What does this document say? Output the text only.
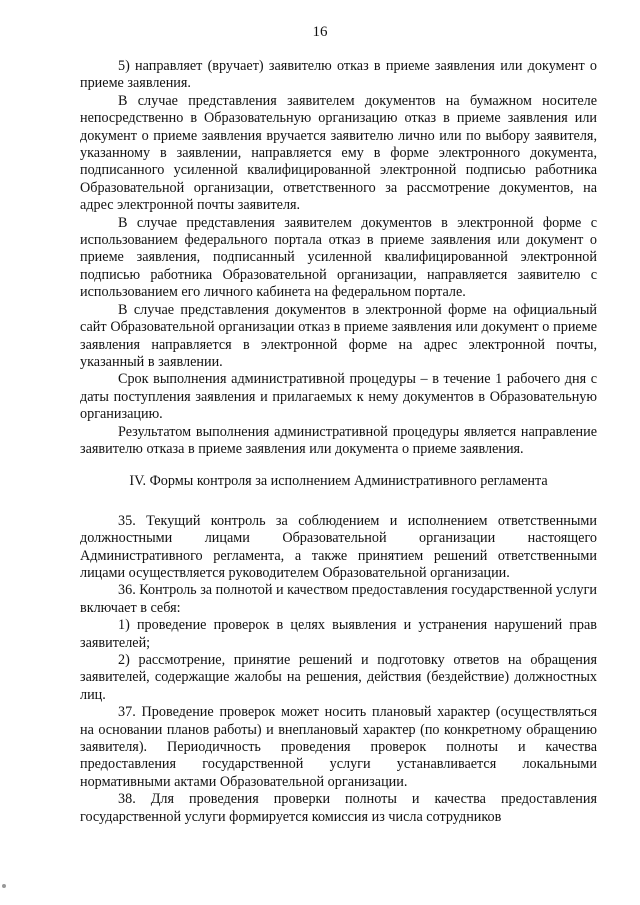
16

5) направляет (вручает) заявителю отказ в приеме заявления или документ о приеме заявления.

В случае представления заявителем документов на бумажном носителе непосредственно в Образовательную организацию отказ в приеме заявления или документ о приеме заявления вручается заявителю лично или по выбору заявителя, указанному в заявлении, направляется ему в форме электронного документа, подписанного усиленной квалифицированной электронной подписью работника Образовательной организации, ответственного за рассмотрение документов, на адрес электронной почты заявителя.

В случае представления заявителем документов в электронной форме с использованием федерального портала отказ в приеме заявления или документ о приеме заявления, подписанный усиленной квалифицированной электронной подписью работника Образовательной организации, направляется заявителю с использованием его личного кабинета на федеральном портале.

В случае представления документов в электронной форме на официальный сайт Образовательной организации отказ в приеме заявления или документ о приеме заявления направляется в электронной форме на адрес электронной почты, указанный в заявлении.

Срок выполнения административной процедуры – в течение 1 рабочего дня с даты поступления заявления и прилагаемых к нему документов в Образовательную организацию.

Результатом выполнения административной процедуры является направление заявителю отказа в приеме заявления или документа о приеме заявления.

IV. Формы контроля за исполнением Административного регламента

35. Текущий контроль за соблюдением и исполнением ответственными должностными лицами Образовательной организации настоящего Административного регламента, а также принятием решений ответственными лицами осуществляется руководителем Образовательной организации.

36. Контроль за полнотой и качеством предоставления государственной услуги включает в себя:

1) проведение проверок в целях выявления и устранения нарушений прав заявителей;

2) рассмотрение, принятие решений и подготовку ответов на обращения заявителей, содержащие жалобы на решения, действия (бездействие) должностных лиц.

37. Проведение проверок может носить плановый характер (осуществляться на основании планов работы) и внеплановый характер (по конкретному обращению заявителя). Периодичность проведения проверок полноты и качества предоставления государственной услуги устанавливается локальными нормативными актами Образовательной организации.

38. Для проведения проверки полноты и качества предоставления государственной услуги формируется комиссия из числа сотрудников
